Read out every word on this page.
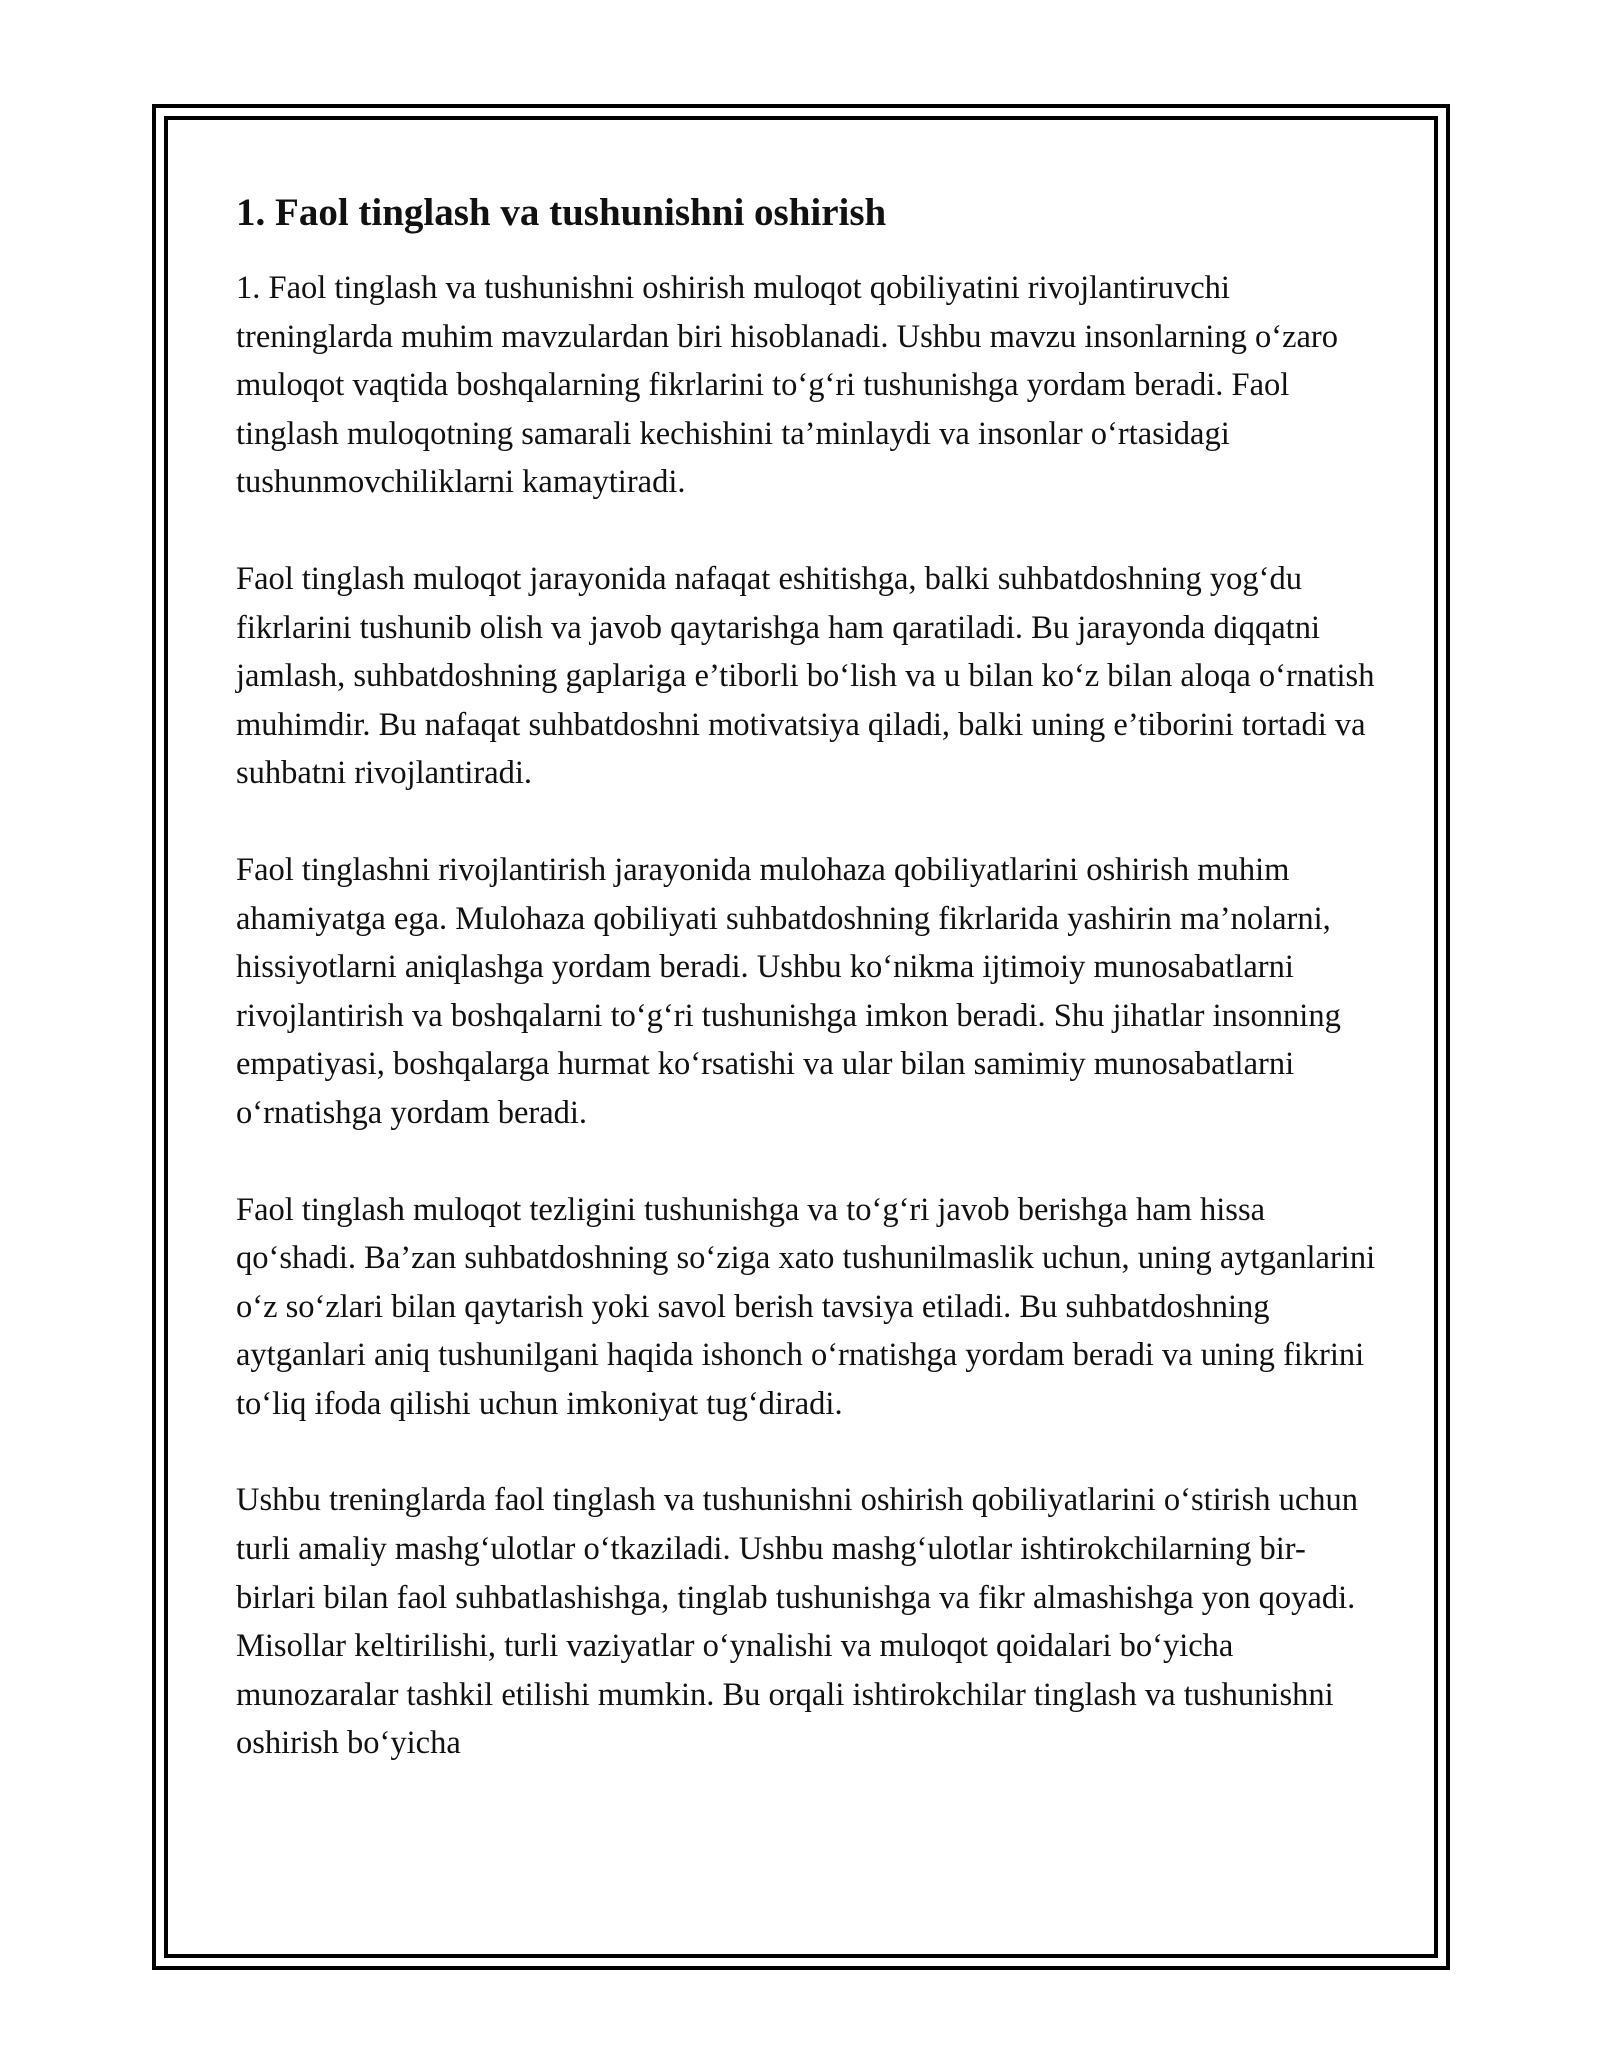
1. Faol tinglash va tushunishni oshirish

1. Faol tinglash va tushunishni oshirish muloqot qobiliyatini rivojlantiruvchi treninglarda muhim mavzulardan biri hisoblanadi. Ushbu mavzu insonlarning o‘zaro muloqot vaqtida boshqalarning fikrlarini to‘g‘ri tushunishga yordam beradi. Faol tinglash muloqotning samarali kechishini ta’minlaydi va insonlar o‘rtasidagi tushunmovchiliklarni kamaytiradi.

Faol tinglash muloqot jarayonida nafaqat eshitishga, balki suhbatdoshning yog‘du fikrlarini tushunib olish va javob qaytarishga ham qaratiladi. Bu jarayonda diqqatni jamlash, suhbatdoshning gaplariga e’tiborli bo‘lish va u bilan ko‘z bilan aloqa o‘rnatish muhimdir. Bu nafaqat suhbatdoshni motivatsiya qiladi, balki uning e’tiborini tortadi va suhbatni rivojlantiradi.

Faol tinglashni rivojlantirish jarayonida mulohaza qobiliyatlarini oshirish muhim ahamiyatga ega. Mulohaza qobiliyati suhbatdoshning fikrlarida yashirin ma’nolarni, hissiyotlarni aniqlashga yordam beradi. Ushbu ko‘nikma ijtimoiy munosabatlarni rivojlantirish va boshqalarni to‘g‘ri tushunishga imkon beradi. Shu jihatlar insonning empatiyasi, boshqalarga hurmat ko‘rsatishi va ular bilan samimiy munosabatlarni o‘rnatishga yordam beradi.

Faol tinglash muloqot tezligini tushunishga va to‘g‘ri javob berishga ham hissa qo‘shadi. Ba’zan suhbatdoshning so‘ziga xato tushunilmaslik uchun, uning aytganlarini o‘z so‘zlari bilan qaytarish yoki savol berish tavsiya etiladi. Bu suhbatdoshning aytganlari aniq tushunilgani haqida ishonch o‘rnatishga yordam beradi va uning fikrini to‘liq ifoda qilishi uchun imkoniyat tug‘diradi.

Ushbu treninglarda faol tinglash va tushunishni oshirish qobiliyatlarini o‘stirish uchun turli amaliy mashg‘ulotlar o‘tkaziladi. Ushbu mashg‘ulotlar ishtirokchilarning bir-birlari bilan faol suhbatlashishga, tinglab tushunishga va fikr almashishga yon qoyadi. Misollar keltirilishi, turli vaziyatlar o‘ynalishi va muloqot qoidalari bo‘yicha munozaralar tashkil etilishi mumkin. Bu orqali ishtirokchilar tinglash va tushunishni oshirish bo‘yicha
